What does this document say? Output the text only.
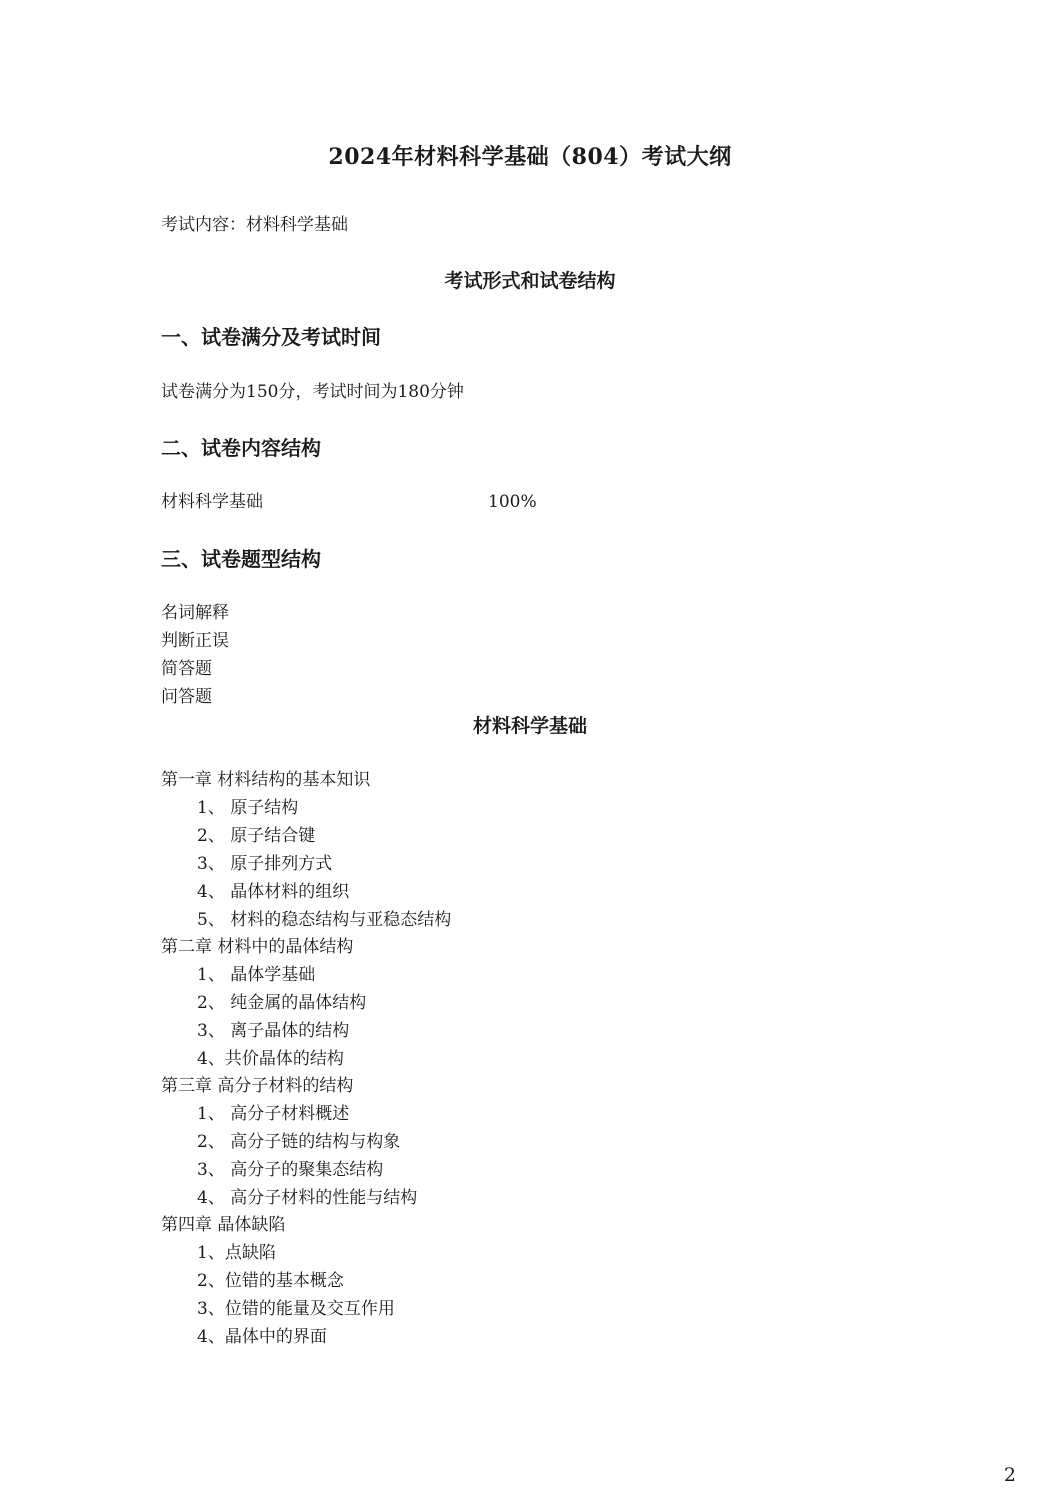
2024年材料科学基础（804）考试大纲
考试内容：材料科学基础
考试形式和试卷结构
一、试卷满分及考试时间
试卷满分为150分，考试时间为180分钟
二、试卷内容结构
材料科学基础	100%
三、试卷题型结构
名词解释
判断正误
简答题
问答题
材料科学基础
第一章 材料结构的基本知识
1、 原子结构
2、 原子结合键
3、 原子排列方式
4、 晶体材料的组织
5、 材料的稳态结构与亚稳态结构
第二章 材料中的晶体结构
1、 晶体学基础
2、 纯金属的晶体结构
3、 离子晶体的结构
4、共价晶体的结构
第三章 高分子材料的结构
1、 高分子材料概述
2、 高分子链的结构与构象
3、 高分子的聚集态结构
4、 高分子材料的性能与结构
第四章 晶体缺陷
1、点缺陷
2、位错的基本概念
3、位错的能量及交互作用
4、晶体中的界面
2
